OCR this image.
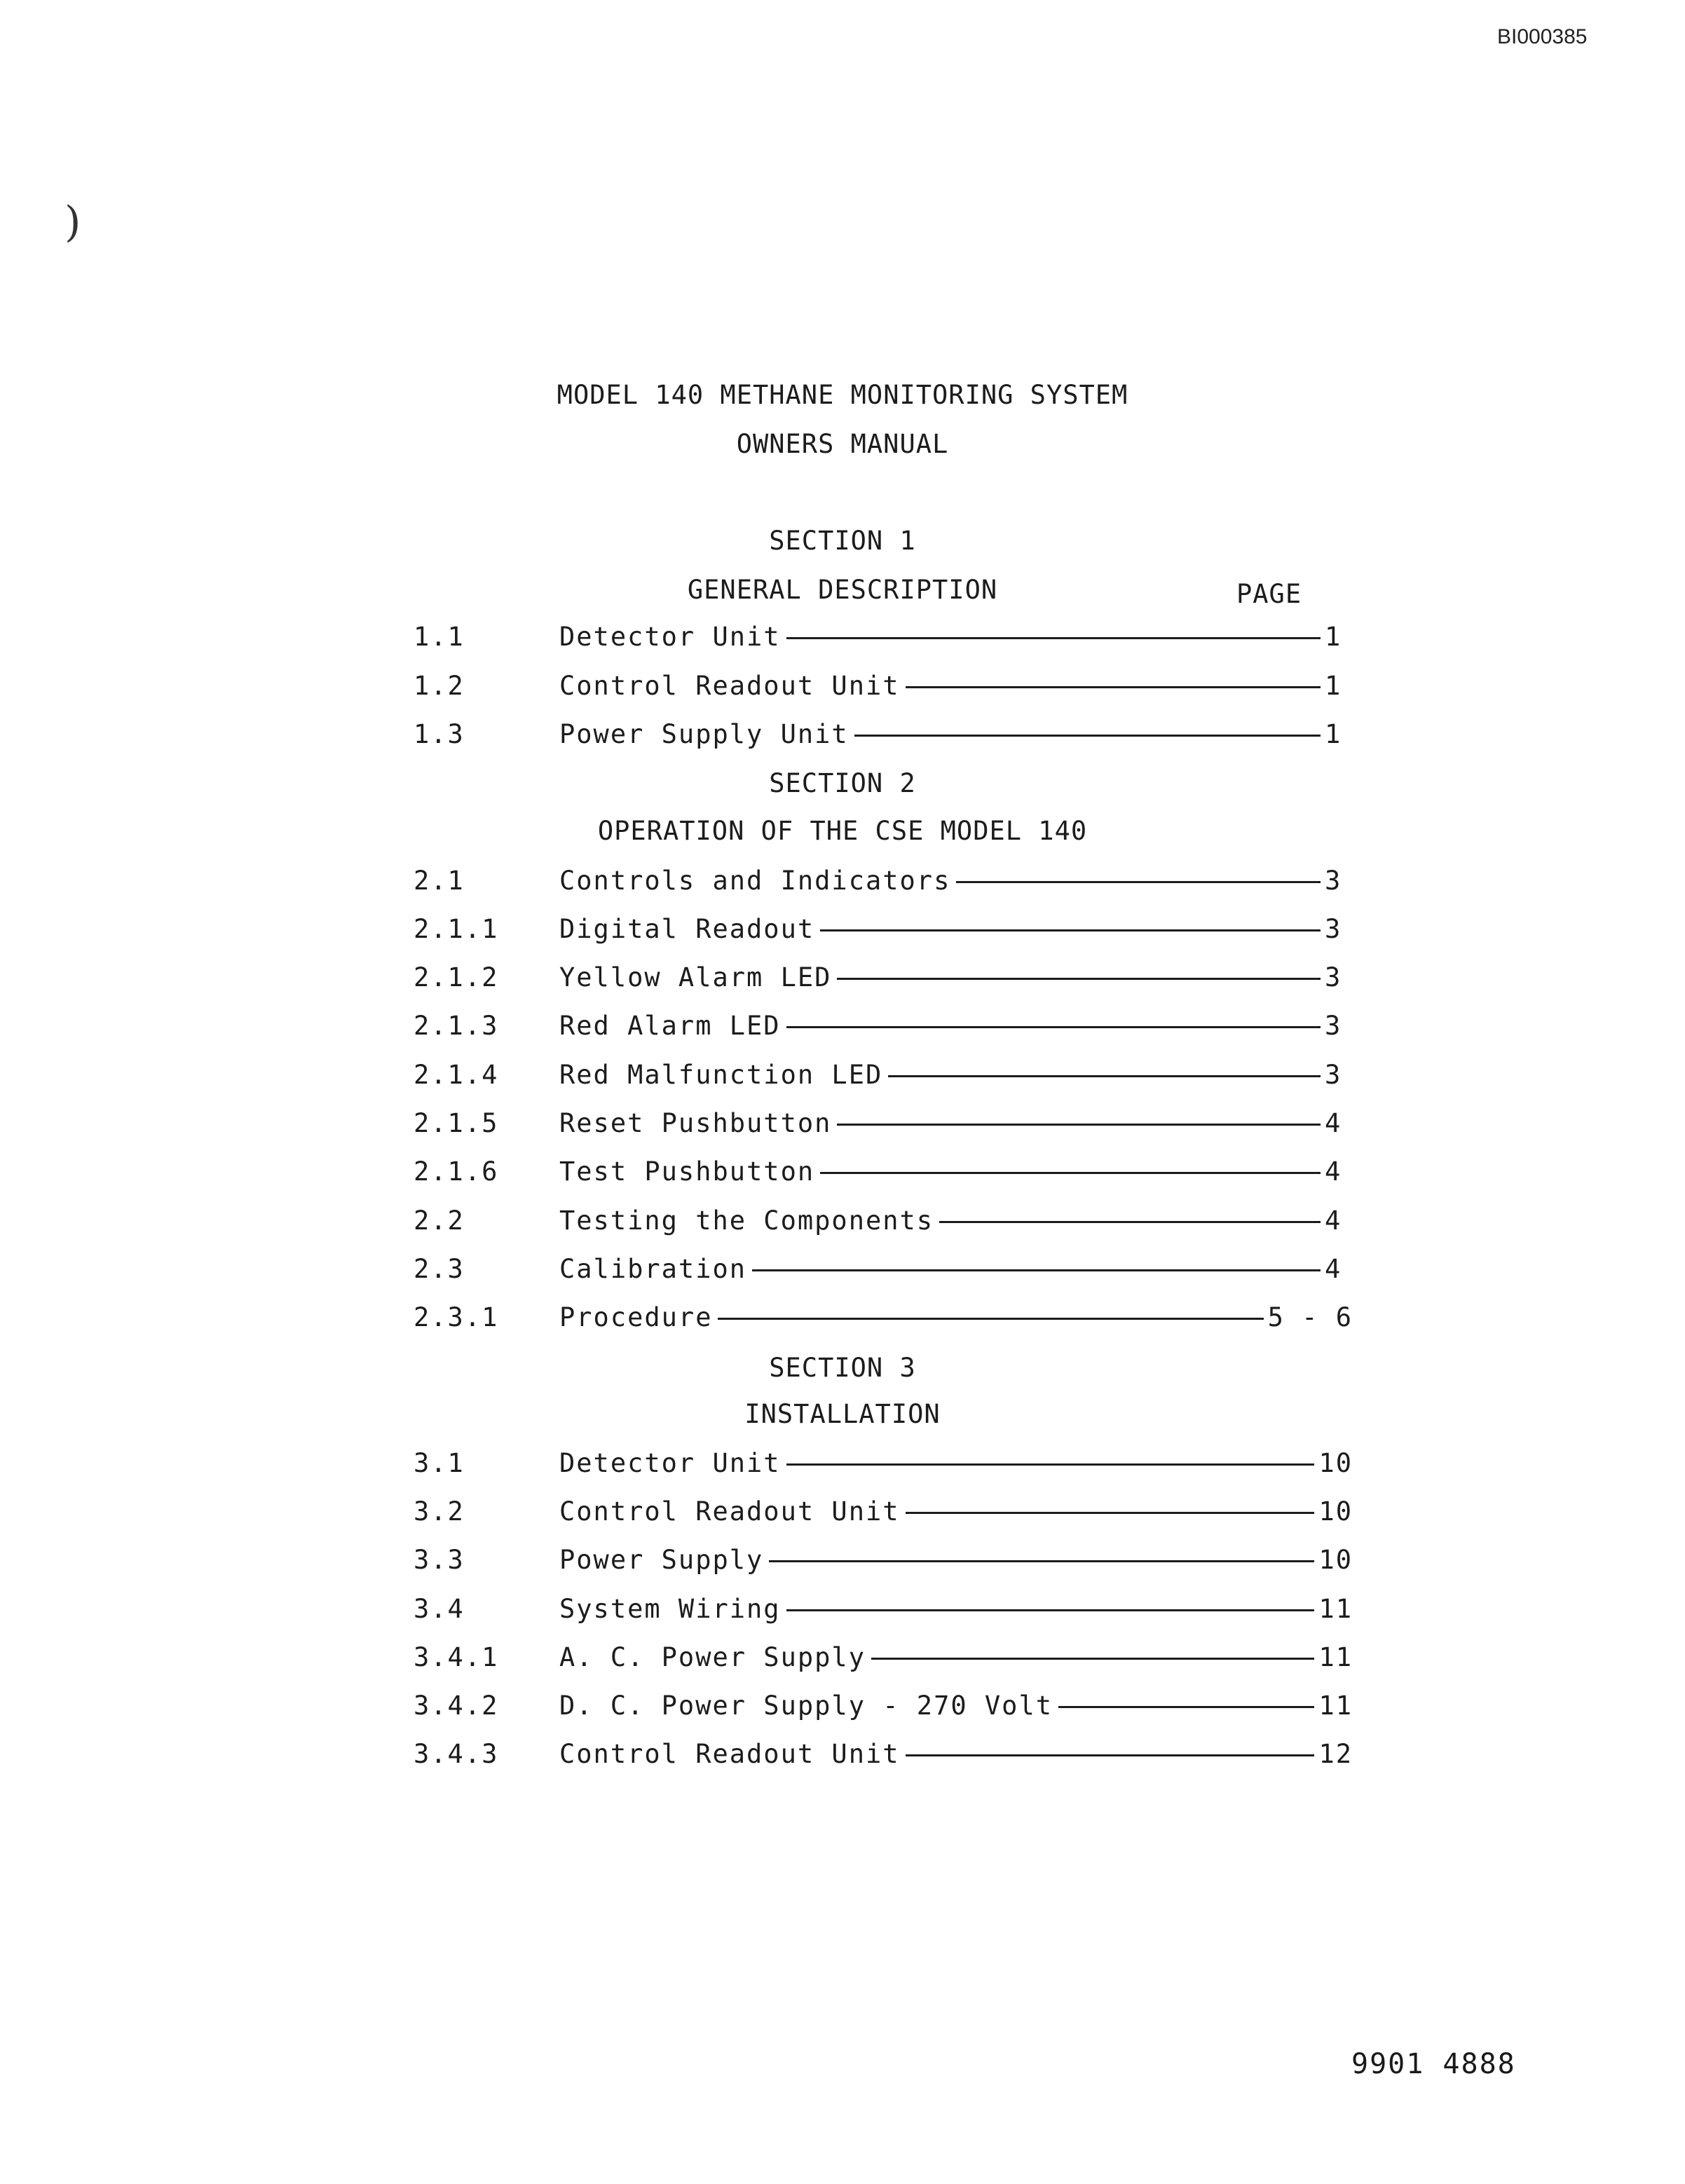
BI000385
)
MODEL 140 METHANE MONITORING SYSTEM
OWNERS MANUAL
SECTION 1
GENERAL DESCRIPTION	PAGE
1.1	Detector Unit	1
1.2	Control Readout Unit	1
1.3	Power Supply Unit	1
SECTION 2
OPERATION OF THE CSE MODEL 140
2.1	Controls and Indicators	3
2.1.1	Digital Readout	3
2.1.2	Yellow Alarm LED	3
2.1.3	Red Alarm LED	3
2.1.4	Red Malfunction LED	3
2.1.5	Reset Pushbutton	4
2.1.6	Test Pushbutton	4
2.2	Testing the Components	4
2.3	Calibration	4
2.3.1	Procedure	5 - 6
SECTION 3
INSTALLATION
3.1	Detector Unit	10
3.2	Control Readout Unit	10
3.3	Power Supply	10
3.4	System Wiring	11
3.4.1	A. C. Power Supply	11
3.4.2	D. C. Power Supply - 270 Volt	11
3.4.3	Control Readout Unit	12
9901 4888
